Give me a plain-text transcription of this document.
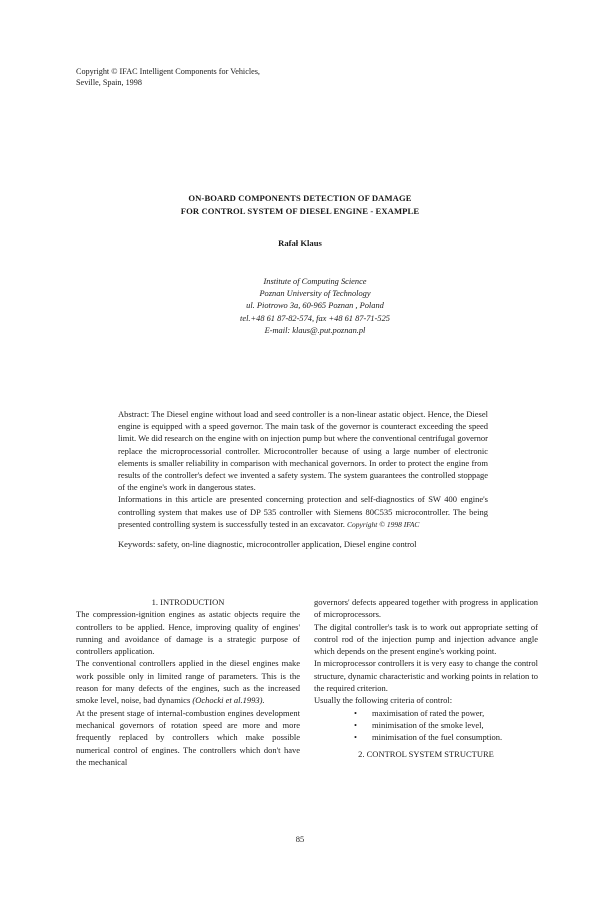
Copyright © IFAC Intelligent Components for Vehicles,
Seville, Spain, 1998
ON-BOARD COMPONENTS DETECTION OF DAMAGE
FOR CONTROL SYSTEM OF DIESEL ENGINE - EXAMPLE
Rafał Klaus
Institute of Computing Science
Poznan University of Technology
ul. Piotrowo 3a, 60-965 Poznan , Poland
tel.+48 61 87-82-574, fax +48 61 87-71-525
E-mail: klaus@.put.poznan.pl

Abstract: The Diesel engine without load and seed controller is a non-linear astatic object. Hence, the Diesel engine is equipped with a speed governor. The main task of the governor is counteract exceeding the speed limit. We did research on the engine with on injection pump but where the conventional centrifugal governor replace the microprocessorial controller. Microcontroller because of using a large number of electronic elements is smaller reliability in comparison with mechanical governors. In order to protect the engine from results of the controller's defect we invented a safety system. The system guarantees the controlled stoppage of the engine's work in dangerous states.

Informations in this article are presented concerning protection and self-diagnostics of SW 400 engine's controlling system that makes use of DP 535 controller with Siemens 80C535 microcontroller. The being presented controlling system is successfully tested in an excavator. Copyright © 1998 IFAC

Keywords: safety, on-line diagnostic, microcontroller application, Diesel engine control

1. INTRODUCTION

The compression-ignition engines as astatic objects require the controllers to be applied. Hence, improving quality of engines' running and avoidance of damage is a strategic purpose of controllers application.

The conventional controllers applied in the diesel engines make work possible only in limited range of parameters. This is the reason for many defects of the engines, such as the increased smoke level, noise, bad dynamics (Ochocki et al.1993).

At the present stage of internal-combustion engines development mechanical governors of rotation speed are more and more frequently replaced by controllers which make possible numerical control of engines. The controllers which don't have the mechanical

governors' defects appeared together with progress in application of microprocessors.

The digital controller's task is to work out appropriate setting of control rod of the injection pump and injection advance angle which depends on the present engine's working point.

In microprocessor controllers it is very easy to change the control structure, dynamic characteristic and working points in relation to the required criterion.

Usually the following criteria of control:

• maximisation of rated the power,
• minimisation of the smoke level,
• minimisation of the fuel consumption.

2. CONTROL SYSTEM STRUCTURE

85
